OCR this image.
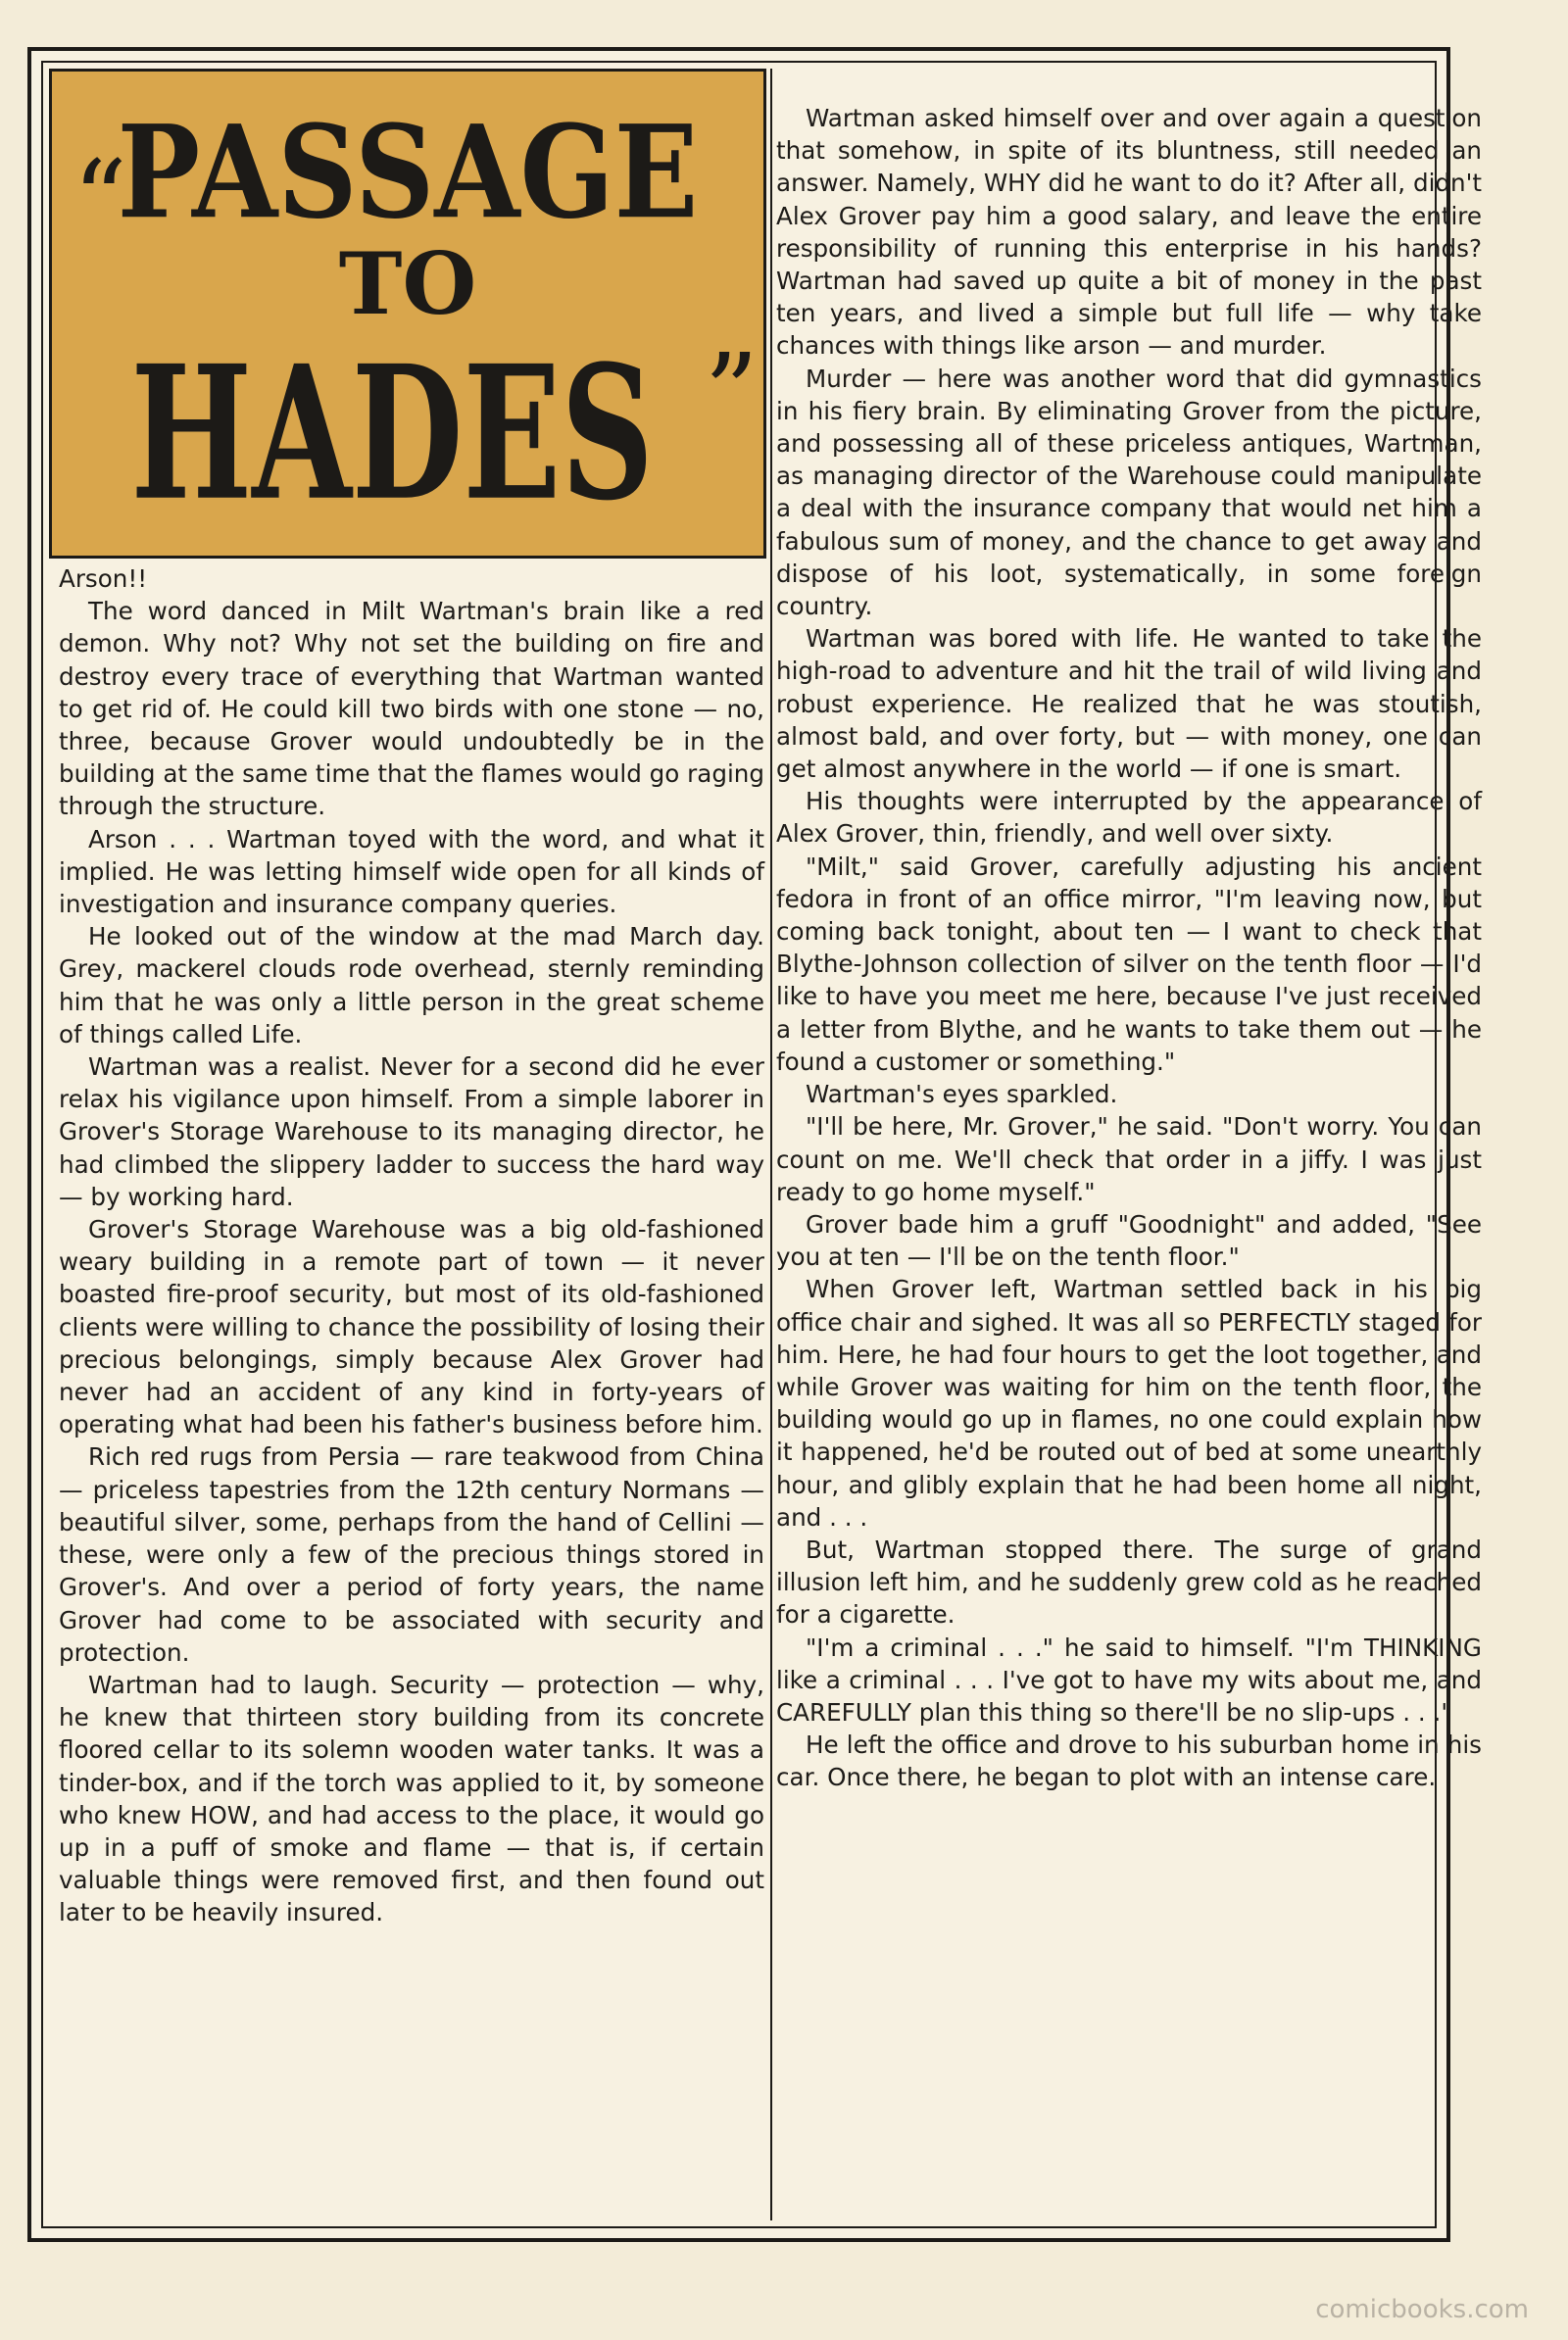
“
PASSAGE
TO
HADES ”

Arson!!

The word danced in Milt Wartman's brain like a red demon. Why not? Why not set the building on fire and destroy every trace of everything that Wartman wanted to get rid of. He could kill two birds with one stone — no, three, because Grover would undoubtedly be in the building at the same time that the flames would go raging through the structure.

Arson . . . Wartman toyed with the word, and what it implied. He was letting himself wide open for all kinds of investigation and insurance company queries.

He looked out of the window at the mad March day. Grey, mackerel clouds rode overhead, sternly reminding him that he was only a little person in the great scheme of things called Life.

Wartman was a realist. Never for a second did he ever relax his vigilance upon himself. From a simple laborer in Grover's Storage Warehouse to its managing director, he had climbed the slippery ladder to success the hard way — by working hard.

Grover's Storage Warehouse was a big old-fashioned weary building in a remote part of town — it never boasted fire-proof security, but most of its old-fashioned clients were willing to chance the possibility of losing their precious belongings, simply because Alex Grover had never had an accident of any kind in forty-years of operating what had been his father's business before him.

Rich red rugs from Persia — rare teakwood from China — priceless tapestries from the 12th century Normans — beautiful silver, some, perhaps from the hand of Cellini — these, were only a few of the precious things stored in Grover's. And over a period of forty years, the name Grover had come to be associated with security and protection.

Wartman had to laugh. Security — protection — why, he knew that thirteen story building from its concrete floored cellar to its solemn wooden water tanks. It was a tinder-box, and if the torch was applied to it, by someone who knew HOW, and had access to the place, it would go up in a puff of smoke and flame — that is, if certain valuable things were removed first, and then found out later to be heavily insured.

Wartman asked himself over and over again a question that somehow, in spite of its bluntness, still needed an answer. Namely, WHY did he want to do it? After all, didn't Alex Grover pay him a good salary, and leave the entire responsibility of running this enterprise in his hands? Wartman had saved up quite a bit of money in the past ten years, and lived a simple but full life — why take chances with things like arson — and murder.

Murder — here was another word that did gymnastics in his fiery brain. By eliminating Grover from the picture, and possessing all of these priceless antiques, Wartman, as managing director of the Warehouse could manipulate a deal with the insurance company that would net him a fabulous sum of money, and the chance to get away and dispose of his loot, systematically, in some foreign country.

Wartman was bored with life. He wanted to take the high-road to adventure and hit the trail of wild living and robust experience. He realized that he was stoutish, almost bald, and over forty, but — with money, one can get almost anywhere in the world — if one is smart.

His thoughts were interrupted by the appearance of Alex Grover, thin, friendly, and well over sixty.

"Milt," said Grover, carefully adjusting his ancient fedora in front of an office mirror, "I'm leaving now, but coming back tonight, about ten — I want to check that Blythe-Johnson collection of silver on the tenth floor — I'd like to have you meet me here, because I've just received a letter from Blythe, and he wants to take them out — he found a customer or something."

Wartman's eyes sparkled.

"I'll be here, Mr. Grover," he said. "Don't worry. You can count on me. We'll check that order in a jiffy. I was just ready to go home myself."

Grover bade him a gruff "Goodnight" and added, "See you at ten — I'll be on the tenth floor."

When Grover left, Wartman settled back in his big office chair and sighed. It was all so PERFECTLY staged for him. Here, he had four hours to get the loot together, and while Grover was waiting for him on the tenth floor, the building would go up in flames, no one could explain how it happened, he'd be routed out of bed at some unearthly hour, and glibly explain that he had been home all night, and . . .

But, Wartman stopped there. The surge of grand illusion left him, and he suddenly grew cold as he reached for a cigarette.

"I'm a criminal . . ." he said to himself. "I'm THINKING like a criminal . . . I've got to have my wits about me, and CAREFULLY plan this thing so there'll be no slip-ups . . ."

He left the office and drove to his suburban home in his car. Once there, he began to plot with an intense care.

comicbooks.com
